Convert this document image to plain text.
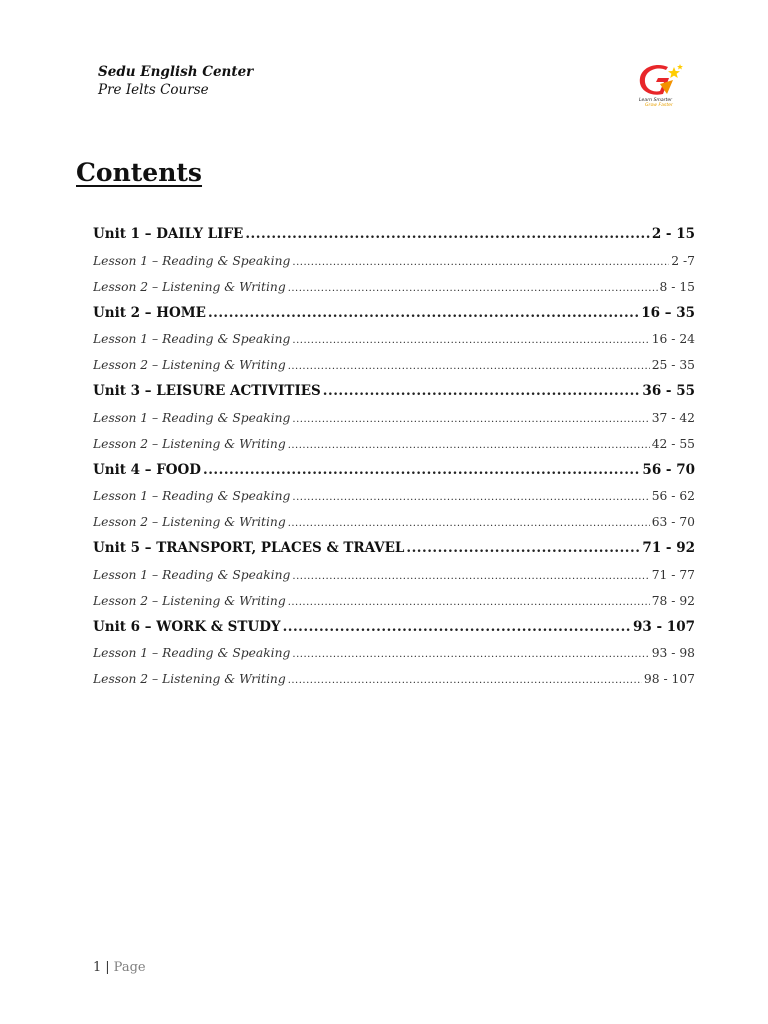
Sedu English Center
Pre Ielts Course
Learn Smarter
Grow Faster
Contents
Unit 1 – DAILY LIFE .....	2 - 15
Lesson 1 – Reading & Speaking .....	2 -7
Lesson 2 – Listening & Writing .....	8 - 15
Unit 2 – HOME .....	16 – 35
Lesson 1 – Reading & Speaking .....	16 - 24
Lesson 2 – Listening & Writing .....	25 - 35
Unit 3 – LEISURE ACTIVITIES .....	36 - 55
Lesson 1 – Reading & Speaking .....	37 - 42
Lesson 2 – Listening & Writing .....	42 - 55
Unit 4 – FOOD .....	56 - 70
Lesson 1 – Reading & Speaking .....	56 - 62
Lesson 2 – Listening & Writing .....	63 - 70
Unit 5 – TRANSPORT, PLACES & TRAVEL .....	71 - 92
Lesson 1 – Reading & Speaking .....	71 - 77
Lesson 2 – Listening & Writing .....	78 - 92
Unit 6 – WORK & STUDY .....	93 - 107
Lesson 1 – Reading & Speaking .....	93 - 98
Lesson 2 – Listening & Writing .....	98 - 107
1 | Page
